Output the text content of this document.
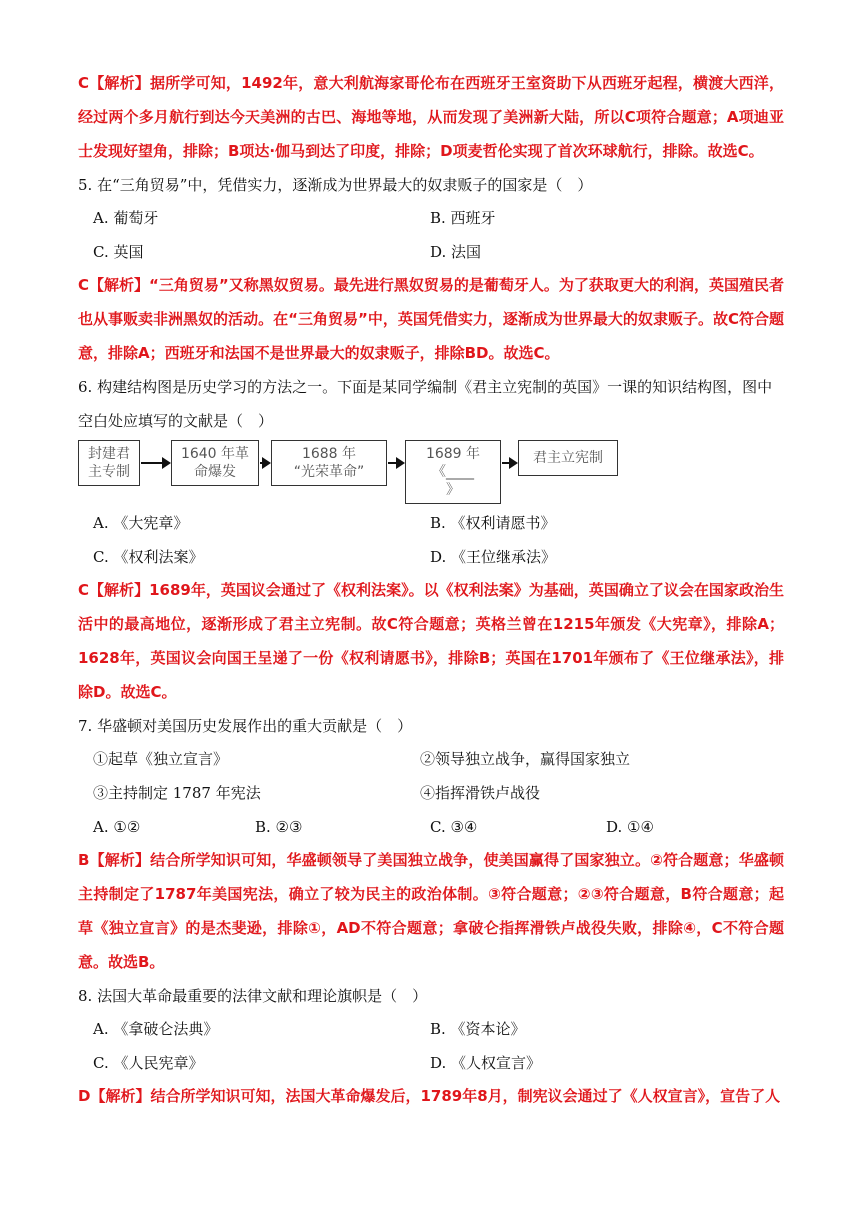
C【解析】据所学可知，1492年，意大利航海家哥伦布在西班牙王室资助下从西班牙起程，横渡大西洋，经过两个多月航行到达今天美洲的古巴、海地等地，从而发现了美洲新大陆，所以C项符合题意；A项迪亚士发现好望角，排除；B项达·伽马到达了印度，排除；D项麦哲伦实现了首次环球航行，排除。故选C。
5. 在“三角贸易”中，凭借实力，逐渐成为世界最大的奴隶贩子的国家是（　）
A. 葡萄牙	B. 西班牙
C. 英国	D. 法国
C【解析】“三角贸易”又称黑奴贸易。最先进行黑奴贸易的是葡萄牙人。为了获取更大的利润，英国殖民者也从事贩卖非洲黑奴的活动。在“三角贸易”中，英国凭借实力，逐渐成为世界最大的奴隶贩子。故C符合题意，排除A；西班牙和法国不是世界最大的奴隶贩子，排除BD。故选C。
6. 构建结构图是历史学习的方法之一。下面是某同学编制《君主立宪制的英国》一课的知识结构图，图中空白处应填写的文献是（　）
封建君
主专制
1640 年革
命爆发
1688 年
“光荣革命”
1689 年
《____
》
君主立宪制
A. 《大宪章》	B. 《权利请愿书》
C. 《权利法案》	D. 《王位继承法》
C【解析】1689年，英国议会通过了《权利法案》。以《权利法案》为基础，英国确立了议会在国家政治生活中的最高地位，逐渐形成了君主立宪制。故C符合题意；英格兰曾在1215年颁发《大宪章》，排除A；1628年，英国议会向国王呈递了一份《权利请愿书》，排除B；英国在1701年颁布了《王位继承法》，排除D。故选C。
7. 华盛顿对美国历史发展作出的重大贡献是（　）
①起草《独立宣言》	②领导独立战争，赢得国家独立
③主持制定 1787 年宪法	④指挥滑铁卢战役
A. ①②	B. ②③	C. ③④	D. ①④
B【解析】结合所学知识可知，华盛顿领导了美国独立战争，使美国赢得了国家独立。②符合题意；华盛顿主持制定了1787年美国宪法，确立了较为民主的政治体制。③符合题意；②③符合题意，B符合题意；起草《独立宣言》的是杰斐逊，排除①，AD不符合题意；拿破仑指挥滑铁卢战役失败，排除④，C不符合题意。故选B。
8. 法国大革命最重要的法律文献和理论旗帜是（　）
A. 《拿破仑法典》	B. 《资本论》
C. 《人民宪章》	D. 《人权宣言》
D【解析】结合所学知识可知，法国大革命爆发后，1789年8月，制宪议会通过了《人权宣言》，宣告了人
